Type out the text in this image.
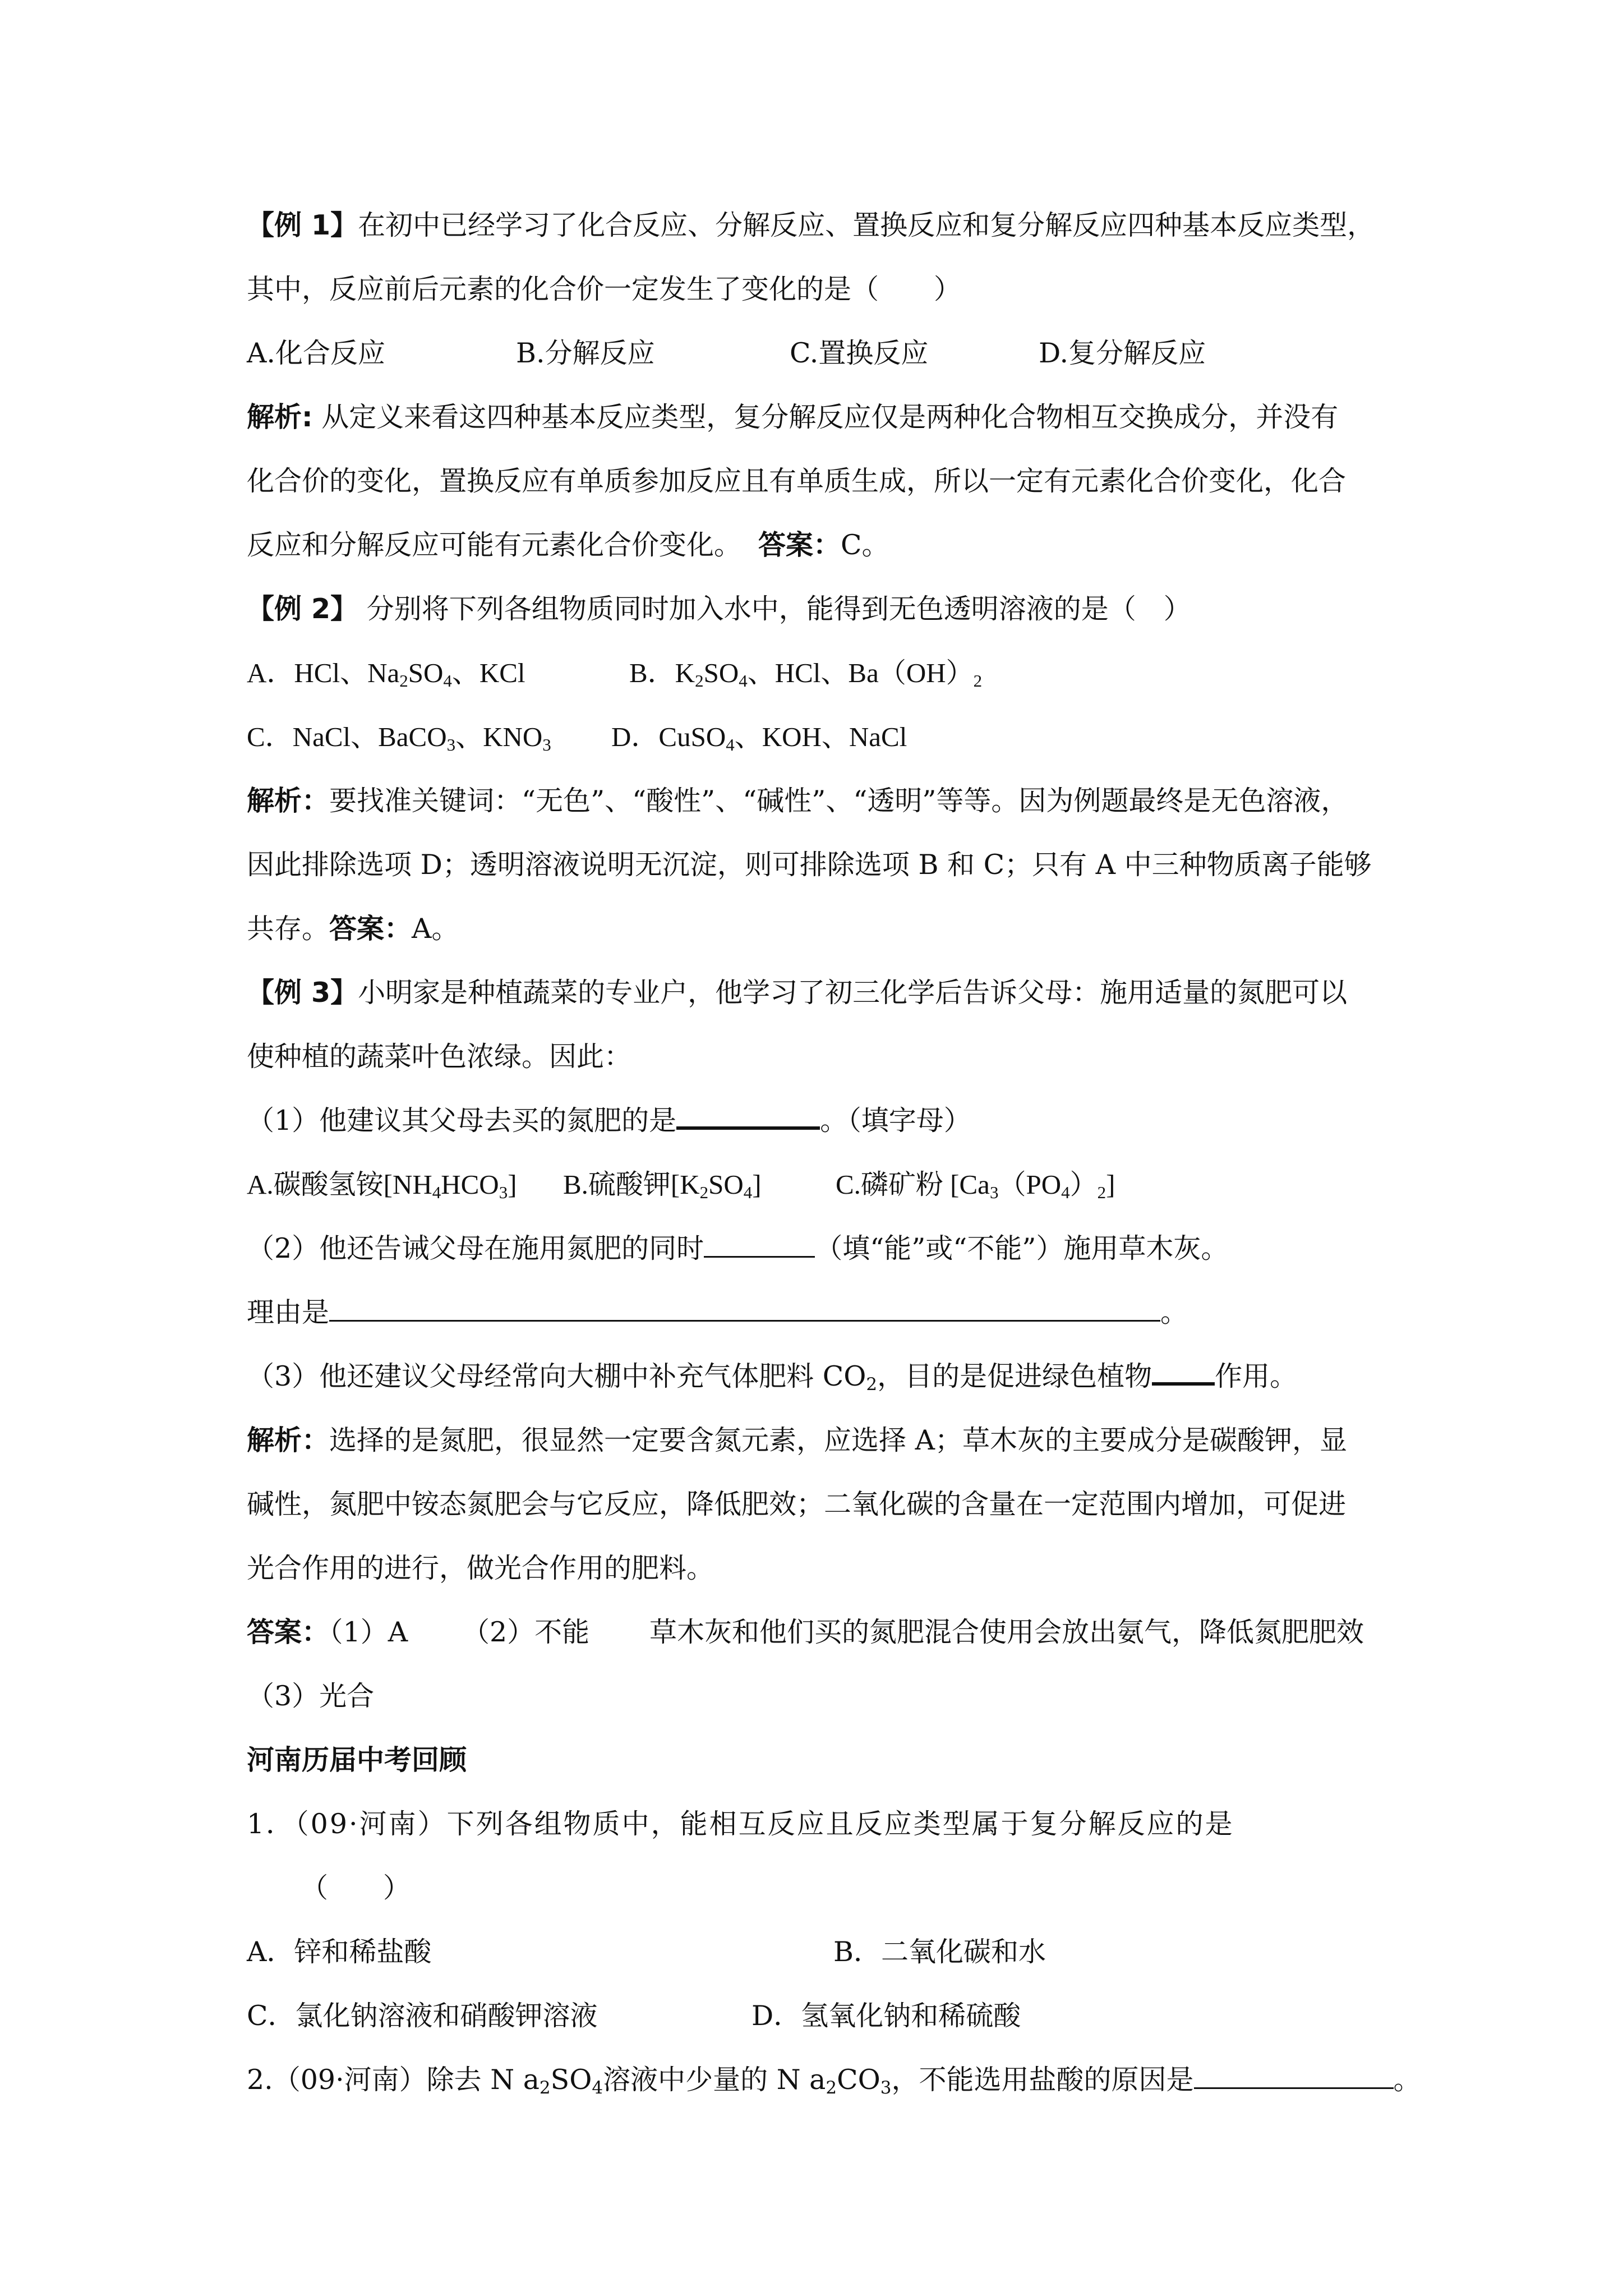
【例 1】在初中已经学习了化合反应、分解反应、置换反应和复分解反应四种基本反应类型，
其中，反应前后元素的化合价一定发生了变化的是（　　）
A.化合反应	B.分解反应	C.置换反应	D.复分解反应
解析: 从定义来看这四种基本反应类型，复分解反应仅是两种化合物相互交换成分，并没有
化合价的变化，置换反应有单质参加反应且有单质生成，所以一定有元素化合价变化，化合
反应和分解反应可能有元素化合价变化。 答案：C。
【例 2】 分别将下列各组物质同时加入水中，能得到无色透明溶液的是（　）
A．HCl、$Na_2SO_4$、KCl	B．$K_2SO_4$、HCl、$Ba(OH)_2$
C．NaCl、BaCO$_3$、$KNO_3$ D．CuSO$_4$、KOH、NaCl
解析：要找准关键词：“无色”、“酸性”、“碱性”、“透明”等等。因为例题最终是无色溶液，
因此排除选项 D；透明溶液说明无沉淀，则可排除选项 B 和 C；只有 A 中三种物质离子能够
共存。答案：A。
【例 3】小明家是种植蔬菜的专业户，他学习了初三化学后告诉父母：施用适量的氮肥可以
使种植的蔬菜叶色浓绿。因此：
（1）他建议其父母去买的氮肥的是	。（填字母）
A.碳酸氢铵$[NH_4HCO_3]$ B.硫酸钾$[K_2SO_4]$	C.磷矿粉 $[Ca_3(PO_4)_2]$
（2）他还告诫父母在施用氮肥的同时	（填“能”或“不能”）施用草木灰。
理由是	。
（3）他还建议父母经常向大棚中补充气体肥料 $CO_2$，目的是促进绿色植物 作用。
解析：选择的是氮肥，很显然一定要含氮元素，应选择 A；草木灰的主要成分是碳酸钾，显
碱性，氮肥中铵态氮肥会与它反应，降低肥效；二氧化碳的含量在一定范围内增加，可促进
光合作用的进行，做光合作用的肥料。
答案：（1）A （2）不能 草木灰和他们买的氮肥混合使用会放出氨气，降低氮肥肥效
（3）光合
河南历届中考回顾
1．（09·河南）下列各组物质中，能相互反应且反应类型属于复分解反应的是
（　　）
A．锌和稀盐酸	B．二氧化碳和水
C．氯化钠溶液和硝酸钾溶液	D．氢氧化钠和稀硫酸
2.（09·河南）除去 N $a_2SO_4$溶液中少量的 N $a_2CO_3$，不能选用盐酸的原因是	。
